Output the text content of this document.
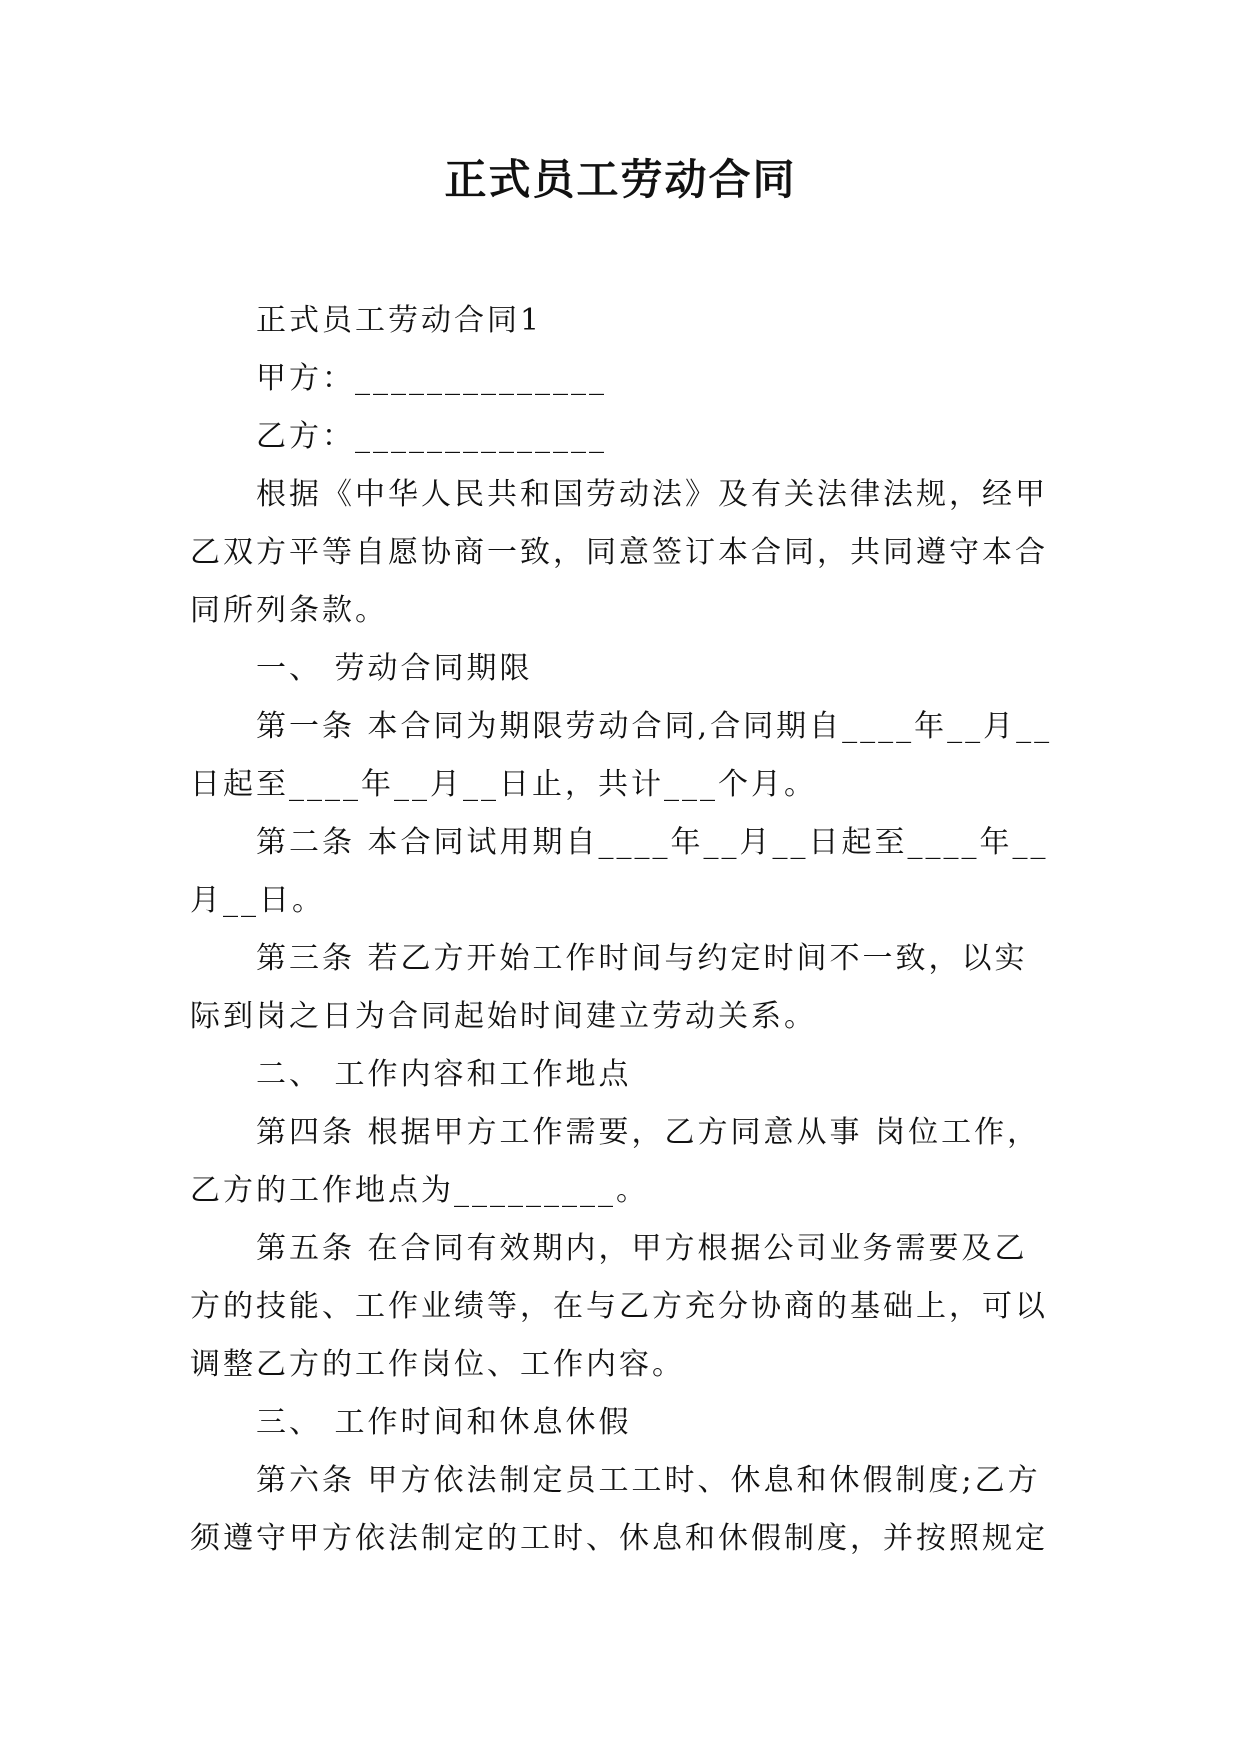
正式员工劳动合同

正式员工劳动合同1

甲方：______________

乙方：______________

根据《中华人民共和国劳动法》及有关法律法规，经甲乙双方平等自愿协商一致，同意签订本合同，共同遵守本合同所列条款。

一、 劳动合同期限

第一条 本合同为期限劳动合同,合同期自____年__月__日起至____年__月__日止，共计___个月。

第二条 本合同试用期自____年__月__日起至____年__月__日。

第三条 若乙方开始工作时间与约定时间不一致，以实际到岗之日为合同起始时间建立劳动关系。

二、 工作内容和工作地点

第四条 根据甲方工作需要，乙方同意从事 岗位工作，乙方的工作地点为_________。

第五条 在合同有效期内，甲方根据公司业务需要及乙方的技能、工作业绩等，在与乙方充分协商的基础上，可以调整乙方的工作岗位、工作内容。

三、 工作时间和休息休假

第六条 甲方依法制定员工工时、休息和休假制度;乙方须遵守甲方依法制定的工时、休息和休假制度，并按照规定
